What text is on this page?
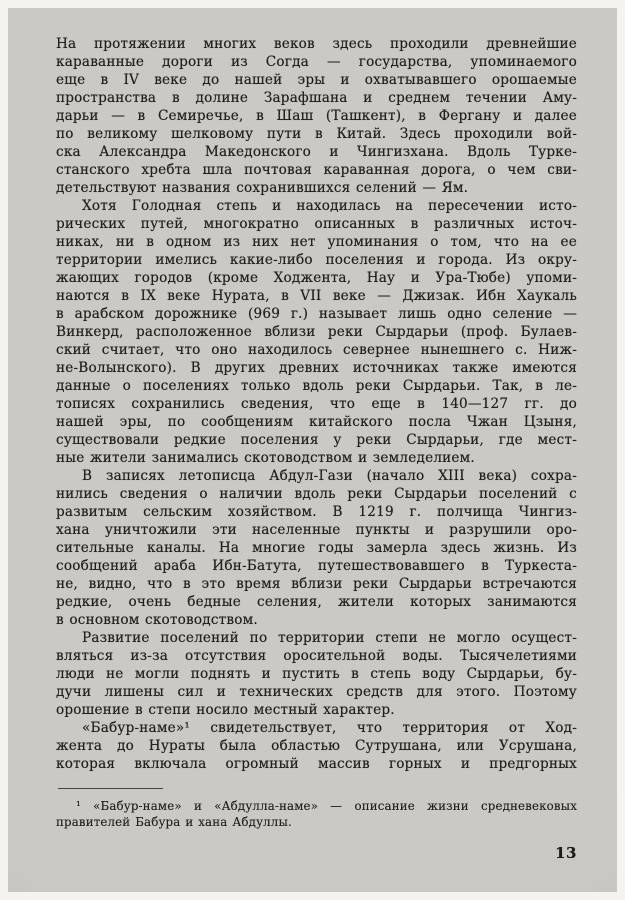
На протяжении многих веков здесь проходили древнейшие
караванные дороги из Согда — государства, упоминаемого
еще в IV веке до нашей эры и охватывавшего орошаемые
пространства в долине Зарафшана и среднем течении Аму-
дарьи — в Семиречье, в Шаш (Ташкент), в Фергану и далее
по великому шелковому пути в Китай. Здесь проходили вой-
ска Александра Македонского и Чингизхана. Вдоль Турке-
станского хребта шла почтовая караванная дорога, о чем сви-
детельствуют названия сохранившихся селений — Ям.
Хотя Голодная степь и находилась на пересечении исто-
рических путей, многократно описанных в различных источ-
никах, ни в одном из них нет упоминания о том, что на ее
территории имелись какие-либо поселения и города. Из окру-
жающих городов (кроме Ходжента, Нау и Ура-Тюбе) упоми-
наются в IX веке Нурата, в VII веке — Джизак. Ибн Хаукаль
в арабском дорожнике (969 г.) называет лишь одно селение —
Винкерд, расположенное вблизи реки Сырдарьи (проф. Булаев-
ский считает, что оно находилось севернее нынешнего с. Ниж-
не-Волынского). В других древних источниках также имеются
данные о поселениях только вдоль реки Сырдарьи. Так, в ле-
тописях сохранились сведения, что еще в 140—127 гг. до
нашей эры, по сообщениям китайского посла Чжан Цзыня,
существовали редкие поселения у реки Сырдарьи, где мест-
ные жители занимались скотоводством и земледелием.
В записях летописца Абдул-Гази (начало XIII века) сохра-
нились сведения о наличии вдоль реки Сырдарьи поселений с
развитым сельским хозяйством. В 1219 г. полчища Чингиз-
хана уничтожили эти населенные пункты и разрушили оро-
сительные каналы. На многие годы замерла здесь жизнь. Из
сообщений араба Ибн-Батута, путешествовавшего в Туркеста-
не, видно, что в это время вблизи реки Сырдарьи встречаются
редкие, очень бедные селения, жители которых занимаются
в основном скотоводством.
Развитие поселений по территории степи не могло осущест-
вляться из-за отсутствия оросительной воды. Тысячелетиями
люди не могли поднять и пустить в степь воду Сырдарьи, бу-
дучи лишены сил и технических средств для этого. Поэтому
орошение в степи носило местный характер.
«Бабур-наме»¹ свидетельствует, что территория от Ход-
жента до Нураты была областью Сутрушана, или Усрушана,
которая включала огромный массив горных и предгорных
¹ «Бабур-наме» и «Абдулла-наме» — описание жизни средневековых
правителей Бабура и хана Абдуллы.
13
